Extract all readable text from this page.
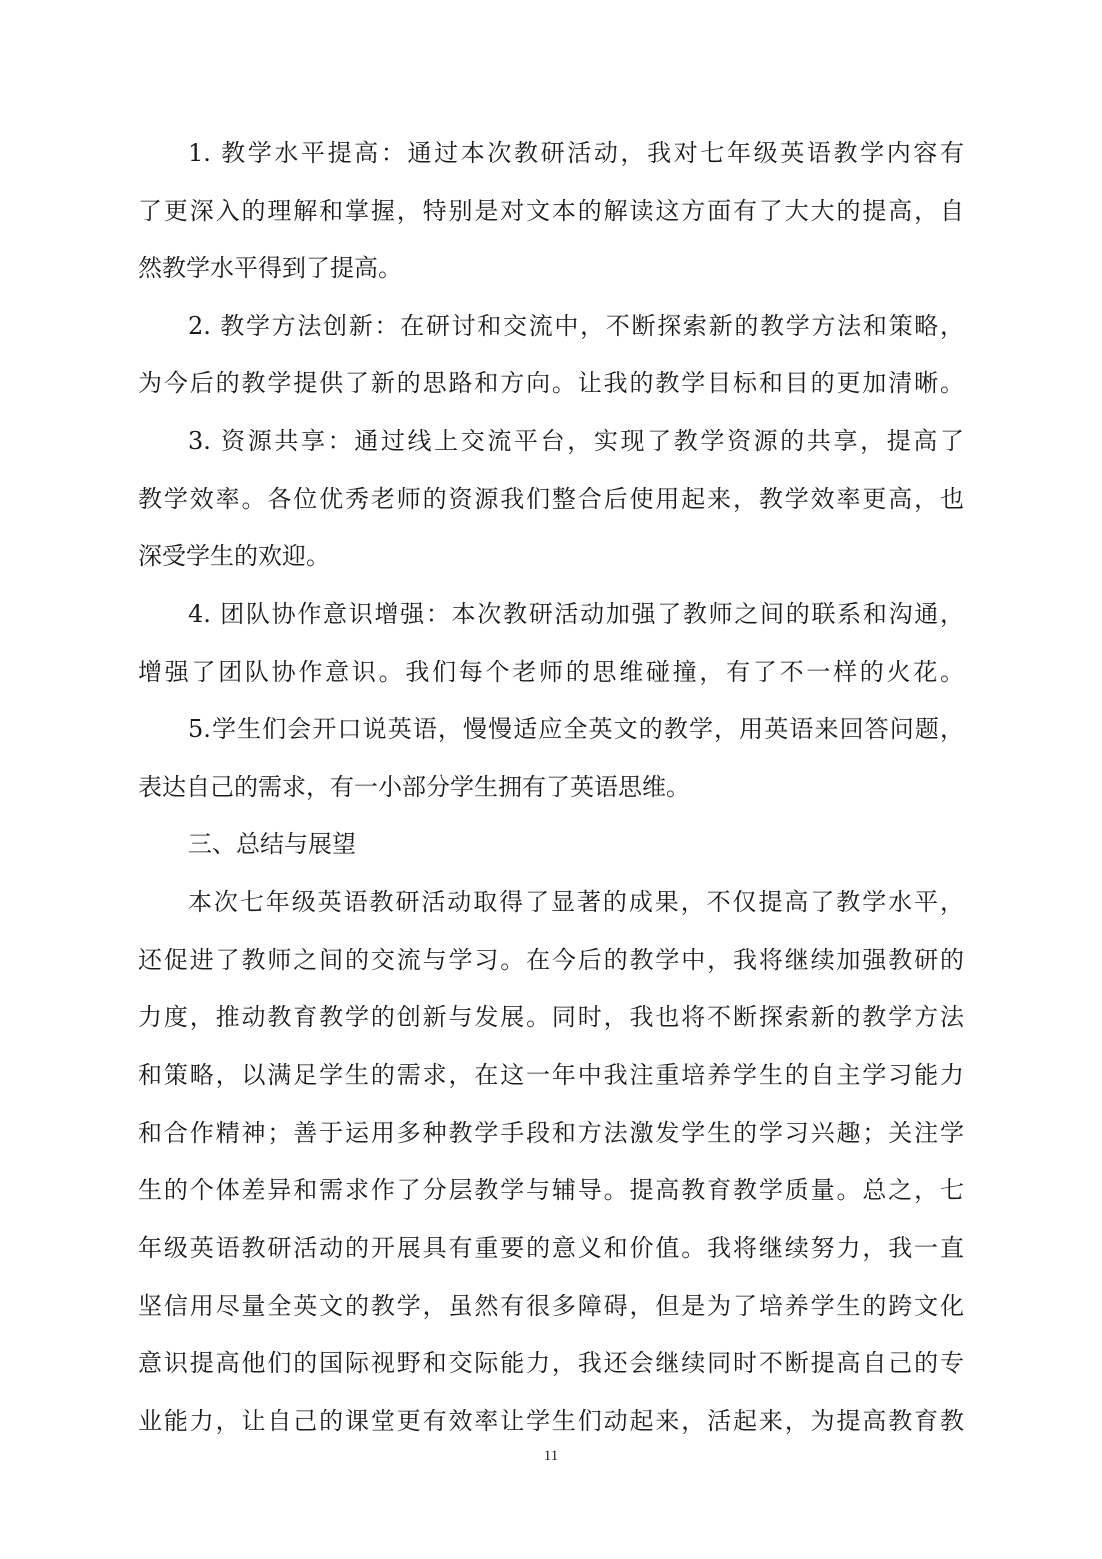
1. 教学水平提高：通过本次教研活动，我对七年级英语教学内容有
了更深入的理解和掌握，特别是对文本的解读这方面有了大大的提高，自
然教学水平得到了提高。
2. 教学方法创新：在研讨和交流中，不断探索新的教学方法和策略，
为今后的教学提供了新的思路和方向。让我的教学目标和目的更加清晰。
3. 资源共享：通过线上交流平台，实现了教学资源的共享，提高了
教学效率。各位优秀老师的资源我们整合后使用起来，教学效率更高，也
深受学生的欢迎。
4. 团队协作意识增强：本次教研活动加强了教师之间的联系和沟通，
增强了团队协作意识。我们每个老师的思维碰撞，有了不一样的火花。
5.学生们会开口说英语，慢慢适应全英文的教学，用英语来回答问题，
表达自己的需求，有一小部分学生拥有了英语思维。
三、总结与展望
本次七年级英语教研活动取得了显著的成果，不仅提高了教学水平，
还促进了教师之间的交流与学习。在今后的教学中，我将继续加强教研的
力度，推动教育教学的创新与发展。同时，我也将不断探索新的教学方法
和策略，以满足学生的需求，在这一年中我注重培养学生的自主学习能力
和合作精神；善于运用多种教学手段和方法激发学生的学习兴趣；关注学
生的个体差异和需求作了分层教学与辅导。提高教育教学质量。总之，七
年级英语教研活动的开展具有重要的意义和价值。我将继续努力，我一直
坚信用尽量全英文的教学，虽然有很多障碍，但是为了培养学生的跨文化
意识提高他们的国际视野和交际能力，我还会继续同时不断提高自己的专
业能力，让自己的课堂更有效率让学生们动起来，活起来，为提高教育教
11
